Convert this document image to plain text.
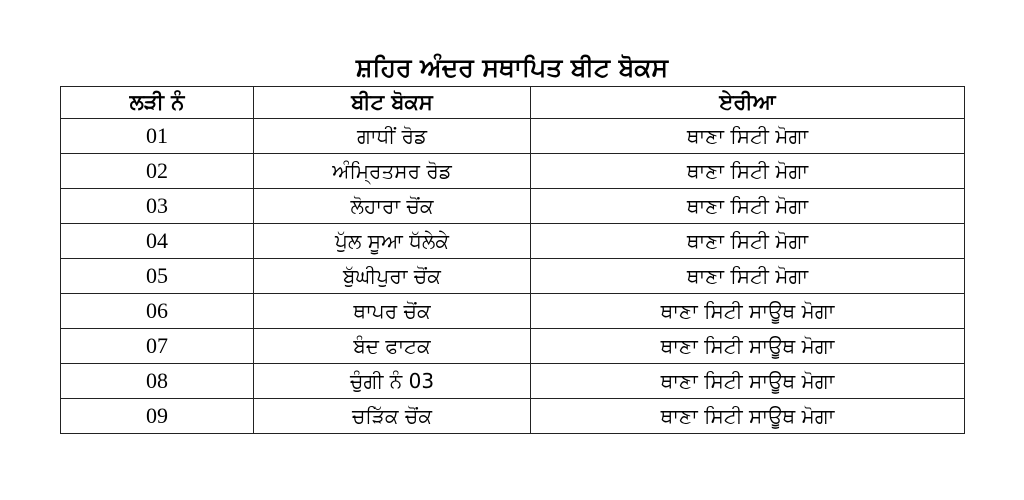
ਸ਼ਹਿਰ ਅੰਦਰ ਸਥਾਪਿਤ ਬੀਟ ਬੋਕਸ
ਲੜੀ ਨੰ	ਬੀਟ ਬੋਕਸ	ਏਰੀਆ
01	ਗਾਧੀਂ ਰੋਡ	ਥਾਣਾ ਸਿਟੀ ਮੋਗਾ
02	ਅੰਮ੍ਰਿਤਸਰ ਰੋਡ	ਥਾਣਾ ਸਿਟੀ ਮੋਗਾ
03	ਲੋਹਾਰਾ ਚੋਂਕ	ਥਾਣਾ ਸਿਟੀ ਮੋਗਾ
04	ਪੁੱਲ ਸੂਆ ਧੱਲੇਕੇ	ਥਾਣਾ ਸਿਟੀ ਮੋਗਾ
05	ਬੁੱਘੀਪੁਰਾ ਚੋਂਕ	ਥਾਣਾ ਸਿਟੀ ਮੋਗਾ
06	ਥਾਪਰ ਚੋਂਕ	ਥਾਣਾ ਸਿਟੀ ਸਾਊਥ ਮੋਗਾ
07	ਬੰਦ ਫਾਟਕ	ਥਾਣਾ ਸਿਟੀ ਸਾਊਥ ਮੋਗਾ
08	ਚੁੰਗੀ ਨੰ 03	ਥਾਣਾ ਸਿਟੀ ਸਾਊਥ ਮੋਗਾ
09	ਚੜਿੱਕ ਚੋਂਕ	ਥਾਣਾ ਸਿਟੀ ਸਾਊਥ ਮੋਗਾ
